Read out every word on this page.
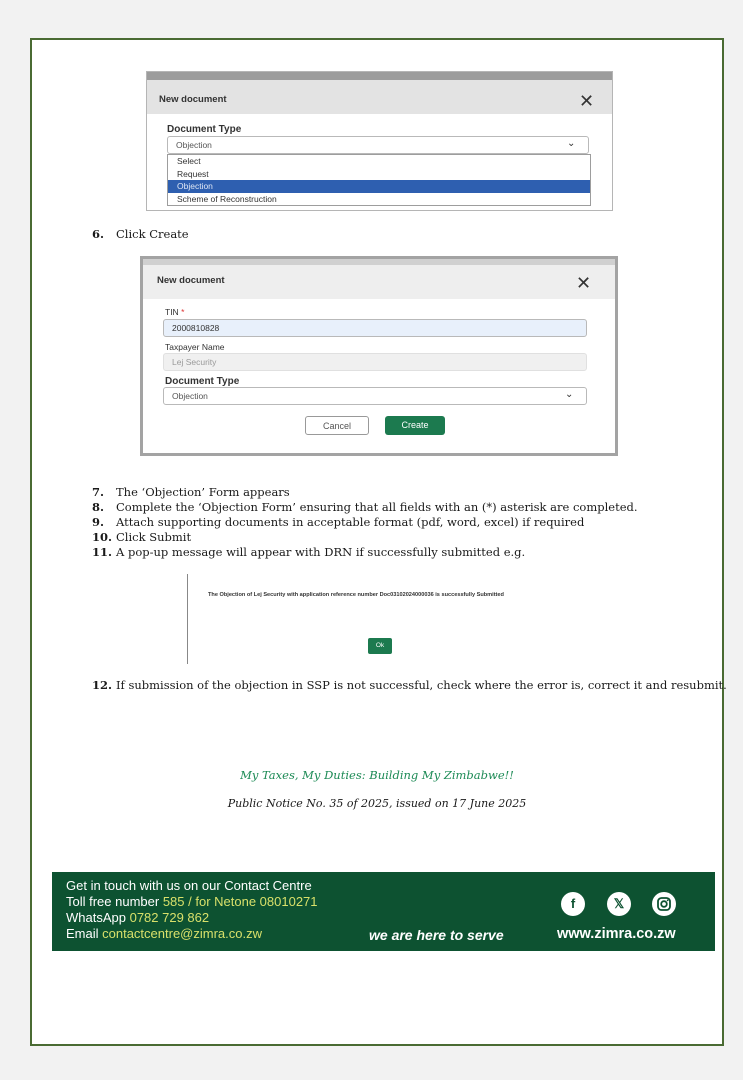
New document	✕
Document Type
Objection	⌄
Select
Request
Objection
Scheme of Reconstruction
6. Click Create
New document	✕
TIN *
2000810828
Taxpayer Name
Lej Security
Document Type
Objection	⌄
Cancel	Create
7. The ‘Objection’ Form appears
8. Complete the ‘Objection Form’ ensuring that all fields with an (*) asterisk are completed.
9. Attach supporting documents in acceptable format (pdf, word, excel) if required
10. Click Submit
11. A pop-up message will appear with DRN if successfully submitted e.g.
The Objection of Lej Security with application reference number Doc03102024000036 is successfully Submitted
Ok
12. If submission of the objection in SSP is not successful, check where the error is, correct it and resubmit.
My Taxes, My Duties: Building My Zimbabwe!!
Public Notice No. 35 of 2025, issued on 17 June 2025
Get in touch with us on our Contact Centre
Toll free number 585 / for Netone 08010271
WhatsApp 0782 729 862
Email contactcentre@zimra.co.zw	we are here to serve
f	𝕏
www.zimra.co.zw
